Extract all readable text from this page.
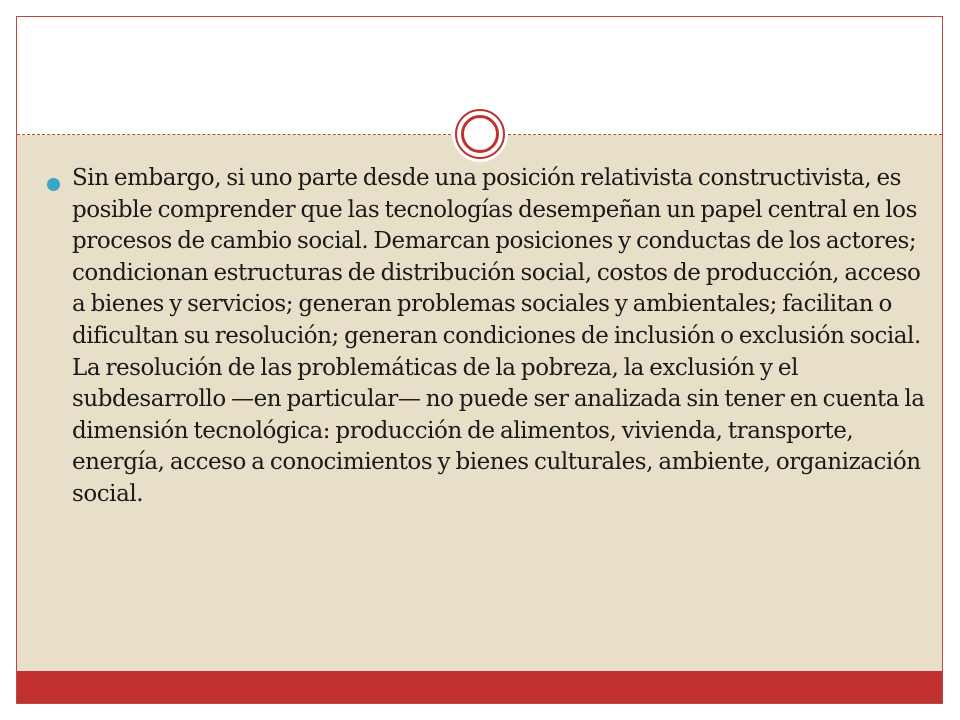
Sin embargo, si uno parte desde una posición relativista constructivista, es posible comprender que las tecnologías desempeñan un papel central en los procesos de cambio social. Demarcan posiciones y conductas de los actores; condicionan estructuras de distribución social, costos de producción, acceso a bienes y servicios; generan problemas sociales y ambientales; facilitan o dificultan su resolución; generan condiciones de inclusión o exclusión social. La resolución de las problemáticas de la pobreza, la exclusión y el subdesarrollo —en particular— no puede ser analizada sin tener en cuenta la dimensión tecnológica: producción de alimentos, vivienda, transporte, energía, acceso a conocimientos y bienes culturales, ambiente, organización social.
